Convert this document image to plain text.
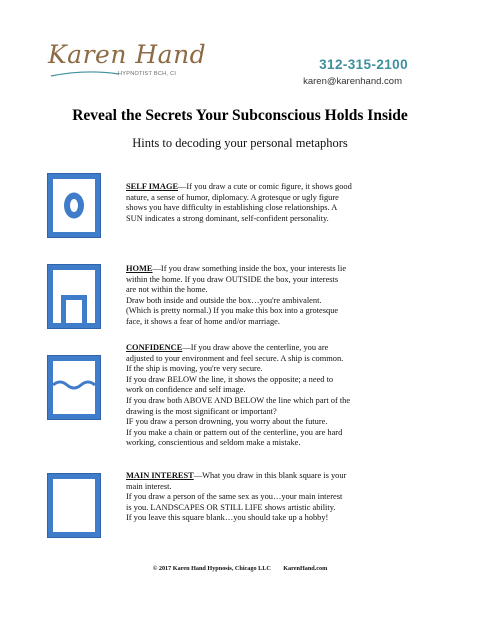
Karen Hand
HYPNOTIST BCH, CI
312-315-2100
karen@karenhand.com
Reveal the Secrets Your Subconscious Holds Inside
Hints to decoding your personal metaphors

SELF IMAGE—If you draw a cute or comic figure, it shows good

nature, a sense of humor, diplomacy. A grotesque or ugly figure

shows you have difficulty in establishing close relationships. A

SUN indicates a strong dominant, self-confident personality.

HOME—If you draw something inside the box, your interests lie

within the home. If you draw OUTSIDE the box, your interests

are not within the home.

Draw both inside and outside the box…you're ambivalent.

(Which is pretty normal.) If you make this box into a grotesque

face, it shows a fear of home and/or marriage.

CONFIDENCE—If you draw above the centerline, you are

adjusted to your environment and feel secure. A ship is common.

If the ship is moving, you're very secure.

If you draw BELOW the line, it shows the opposite; a need to

work on confidence and self image.

If you draw both ABOVE AND BELOW the line which part of the

drawing is the most significant or important?

IF you draw a person drowning, you worry about the future.

If you make a chain or pattern out of the centerline, you are hard

working, conscientious and seldom make a mistake.

MAIN INTEREST—What you draw in this blank square is your

main interest.

If you draw a person of the same sex as you…your main interest

is you. LANDSCAPES OR STILL LIFE shows artistic ability.

If you leave this square blank…you should take up a hobby!

© 2017 Karen Hand Hypnosis, Chicago LLC KarenHand.com
